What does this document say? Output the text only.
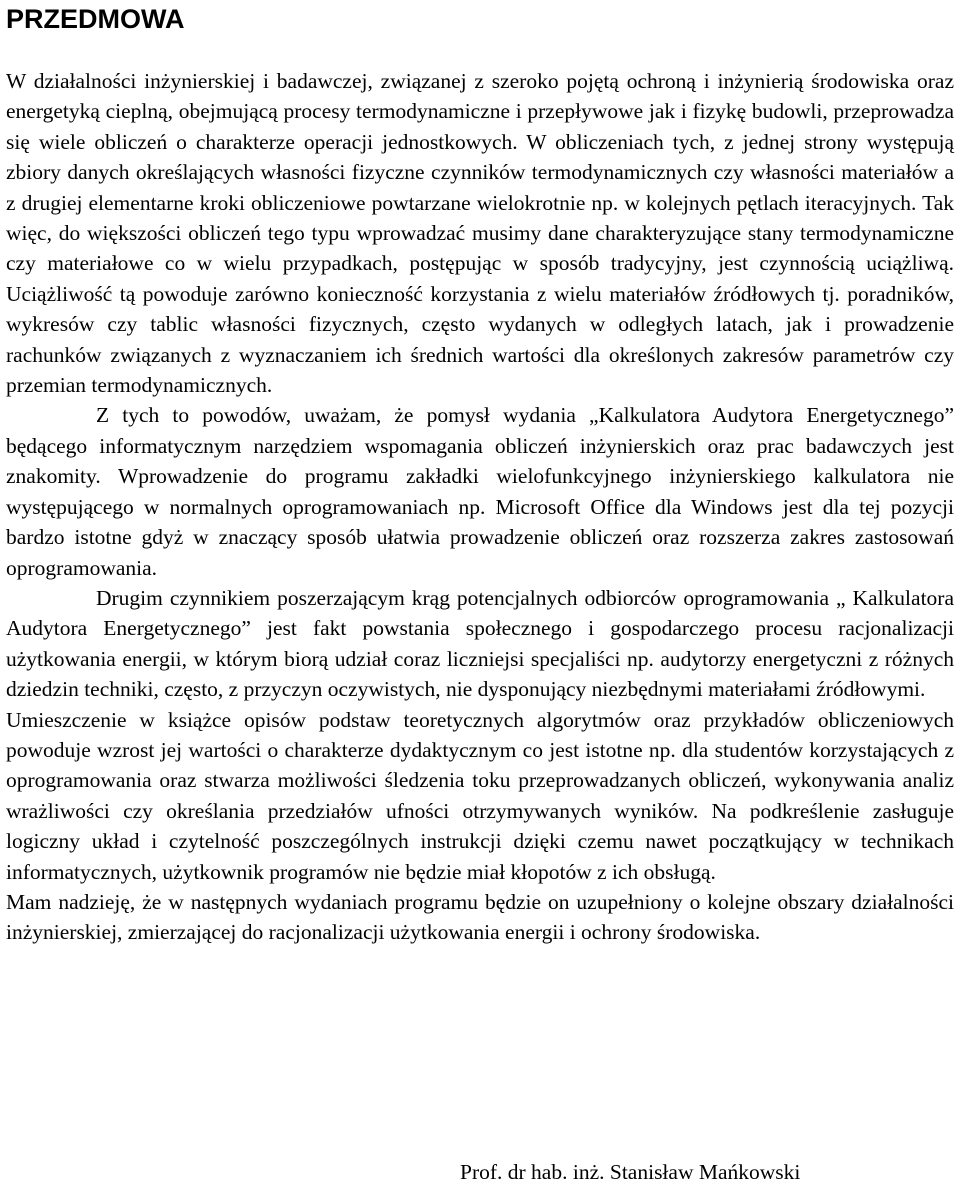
PRZEDMOWA

W działalności inżynierskiej i badawczej, związanej z szeroko pojętą ochroną i inżynierią środowiska oraz energetyką cieplną, obejmującą procesy termodynamiczne i przepływowe jak i fizykę budowli, przeprowadza się wiele obliczeń o charakterze operacji jednostkowych. W obliczeniach tych, z jednej strony występują zbiory danych określających własności fizyczne czynników termodynamicznych czy własności materiałów a z drugiej elementarne kroki obliczeniowe powtarzane wielokrotnie np. w kolejnych pętlach iteracyjnych. Tak więc, do większości obliczeń tego typu wprowadzać musimy dane charakteryzujące stany termodynamiczne czy materiałowe co w wielu przypadkach, postępując w sposób tradycyjny, jest czynnością uciążliwą. Uciążliwość tą powoduje zarówno konieczność korzystania z wielu materiałów źródłowych tj. poradników, wykresów czy tablic własności fizycznych, często wydanych w odległych latach, jak i prowadzenie rachunków związanych z wyznaczaniem ich średnich wartości dla określonych zakresów parametrów czy przemian termodynamicznych.

Z tych to powodów, uważam, że pomysł wydania „Kalkulatora Audytora Energetycznego” będącego informatycznym narzędziem wspomagania obliczeń inżynierskich oraz prac badawczych jest znakomity. Wprowadzenie do programu zakładki wielofunkcyjnego inżynierskiego kalkulatora nie występującego w normalnych oprogramowaniach np. Microsoft Office dla Windows jest dla tej pozycji bardzo istotne gdyż w znaczący sposób ułatwia prowadzenie obliczeń oraz rozszerza zakres zastosowań oprogramowania.

Drugim czynnikiem poszerzającym krąg potencjalnych odbiorców oprogramowania „ Kalkulatora Audytora Energetycznego” jest fakt powstania społecznego i gospodarczego procesu racjonalizacji użytkowania energii, w którym biorą udział coraz liczniejsi specjaliści np. audytorzy energetyczni z różnych dziedzin techniki, często, z przyczyn oczywistych, nie dysponujący niezbędnymi materiałami źródłowymi.

Umieszczenie w książce opisów podstaw teoretycznych algorytmów oraz przykładów obliczeniowych powoduje wzrost jej wartości o charakterze dydaktycznym co jest istotne np. dla studentów korzystających z oprogramowania oraz stwarza możliwości śledzenia toku przeprowadzanych obliczeń, wykonywania analiz wrażliwości czy określania przedziałów ufności otrzymywanych wyników. Na podkreślenie zasługuje logiczny układ i czytelność poszczególnych instrukcji dzięki czemu nawet początkujący w technikach informatycznych, użytkownik programów nie będzie miał kłopotów z ich obsługą.

Mam nadzieję, że w następnych wydaniach programu będzie on uzupełniony o kolejne obszary działalności inżynierskiej, zmierzającej do racjonalizacji użytkowania energii i ochrony środowiska.

Prof. dr hab. inż. Stanisław Mańkowski
